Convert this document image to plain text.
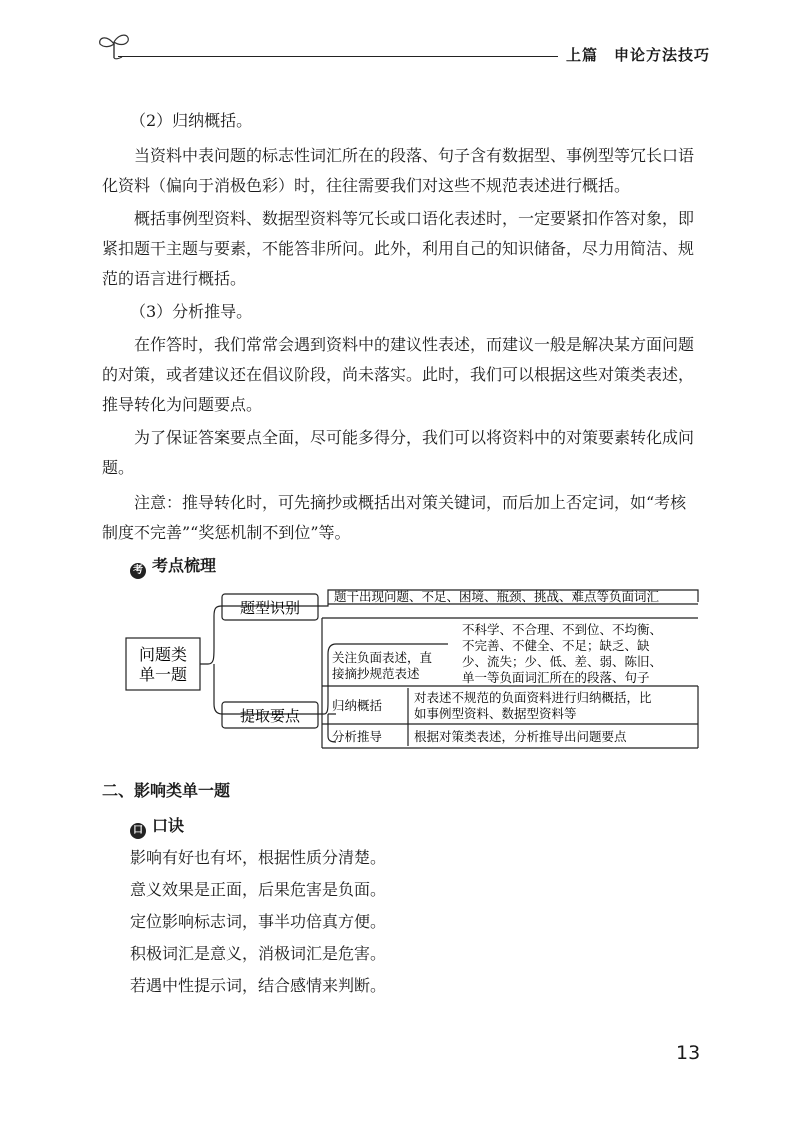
上篇　申论方法技巧
（2）归纳概括。
当资料中表问题的标志性词汇所在的段落、句子含有数据型、事例型等冗长口语化资料（偏向于消极色彩）时，往往需要我们对这些不规范表述进行概括。
概括事例型资料、数据型资料等冗长或口语化表述时，一定要紧扣作答对象，即紧扣题干主题与要素，不能答非所问。此外，利用自己的知识储备，尽力用简洁、规范的语言进行概括。
（3）分析推导。
在作答时，我们常常会遇到资料中的建议性表述，而建议一般是解决某方面问题的对策，或者建议还在倡议阶段，尚未落实。此时，我们可以根据这些对策类表述，推导转化为问题要点。
为了保证答案要点全面，尽可能多得分，我们可以将资料中的对策要素转化成问题。
注意：推导转化时，可先摘抄或概括出对策关键词，而后加上否定词，如“考核制度不完善”“奖惩机制不到位”等。
考 考点梳理
问题类
单一题
题型识别
题干出现问题、不足、困境、瓶颈、挑战、难点等负面词汇
提取要点
关注负面表述，直
接摘抄规范表述
不科学、不合理、不到位、不均衡、
不完善、不健全、不足；缺乏、缺
少、流失；少、低、差、弱、陈旧、
单一等负面词汇所在的段落、句子
归纳概括
对表述不规范的负面资料进行归纳概括，比
如事例型资料、数据型资料等
分析推导	根据对策类表述，分析推导出问题要点
二、影响类单一题
口 口诀
影响有好也有坏，根据性质分清楚。
意义效果是正面，后果危害是负面。
定位影响标志词，事半功倍真方便。
积极词汇是意义，消极词汇是危害。
若遇中性提示词，结合感情来判断。
13
